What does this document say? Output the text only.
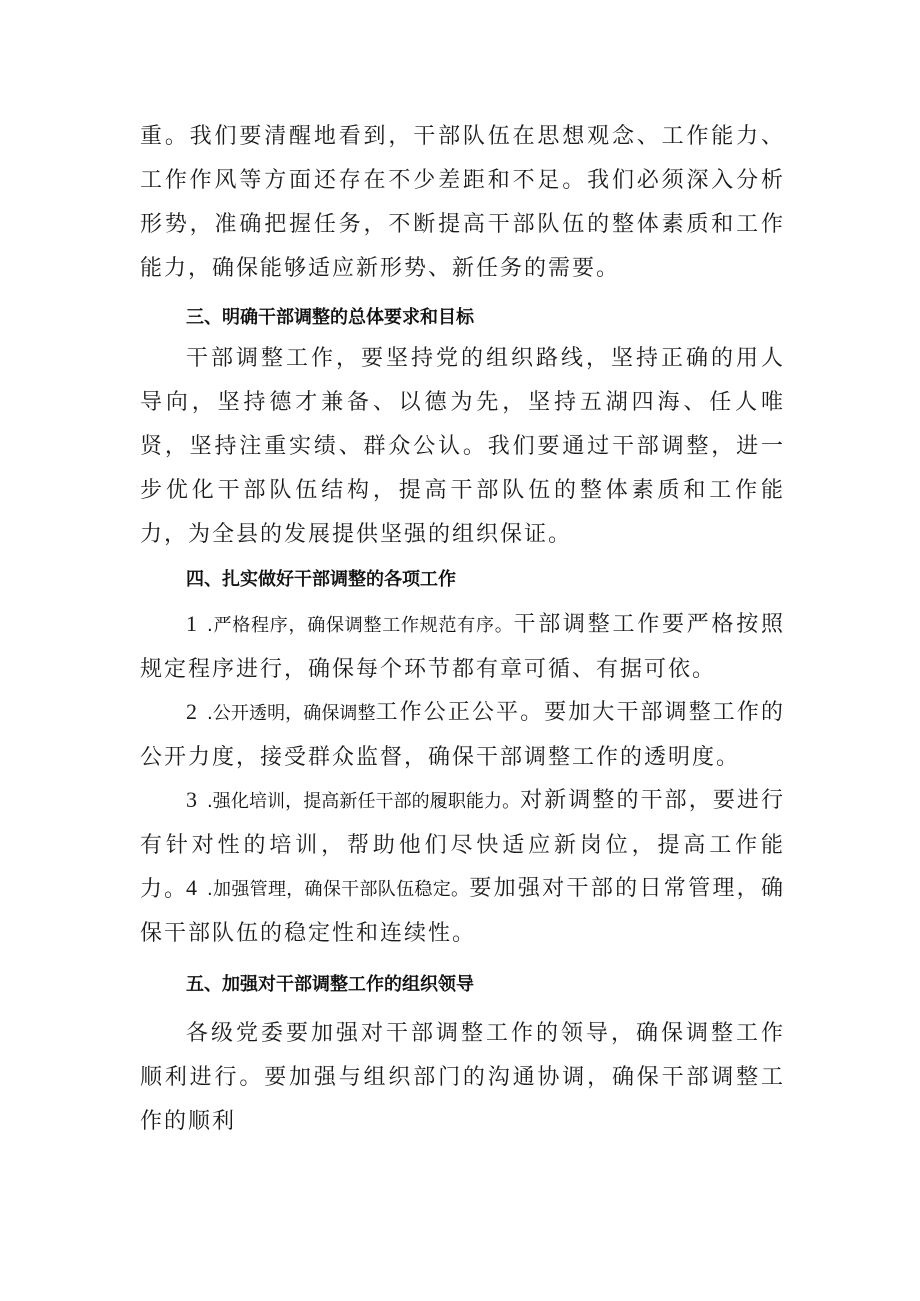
重。我们要清醒地看到，干部队伍在思想观念、工作能力、工作作风等方面还存在不少差距和不足。我们必须深入分析形势，准确把握任务，不断提高干部队伍的整体素质和工作能力，确保能够适应新形势、新任务的需要。

三、明确干部调整的总体要求和目标

干部调整工作，要坚持党的组织路线，坚持正确的用人导向，坚持德才兼备、以德为先，坚持五湖四海、任人唯贤，坚持注重实绩、群众公认。我们要通过干部调整，进一步优化干部队伍结构，提高干部队伍的整体素质和工作能力，为全县的发展提供坚强的组织保证。

四、扎实做好干部调整的各项工作

1 .严格程序，确保调整工作规范有序。干部调整工作要严格按照规定程序进行，确保每个环节都有章可循、有据可依。

2 .公开透明，确保调整工作公正公平。要加大干部调整工作的公开力度，接受群众监督，确保干部调整工作的透明度。

3 .强化培训，提高新任干部的履职能力。对新调整的干部，要进行有针对性的培训，帮助他们尽快适应新岗位，提高工作能力。

4 .加强管理，确保干部队伍稳定。要加强对干部的日常管理，确保干部队伍的稳定性和连续性。

五、加强对干部调整工作的组织领导

各级党委要加强对干部调整工作的领导，确保调整工作顺利进行。要加强与组织部门的沟通协调，确保干部调整工作的顺利
